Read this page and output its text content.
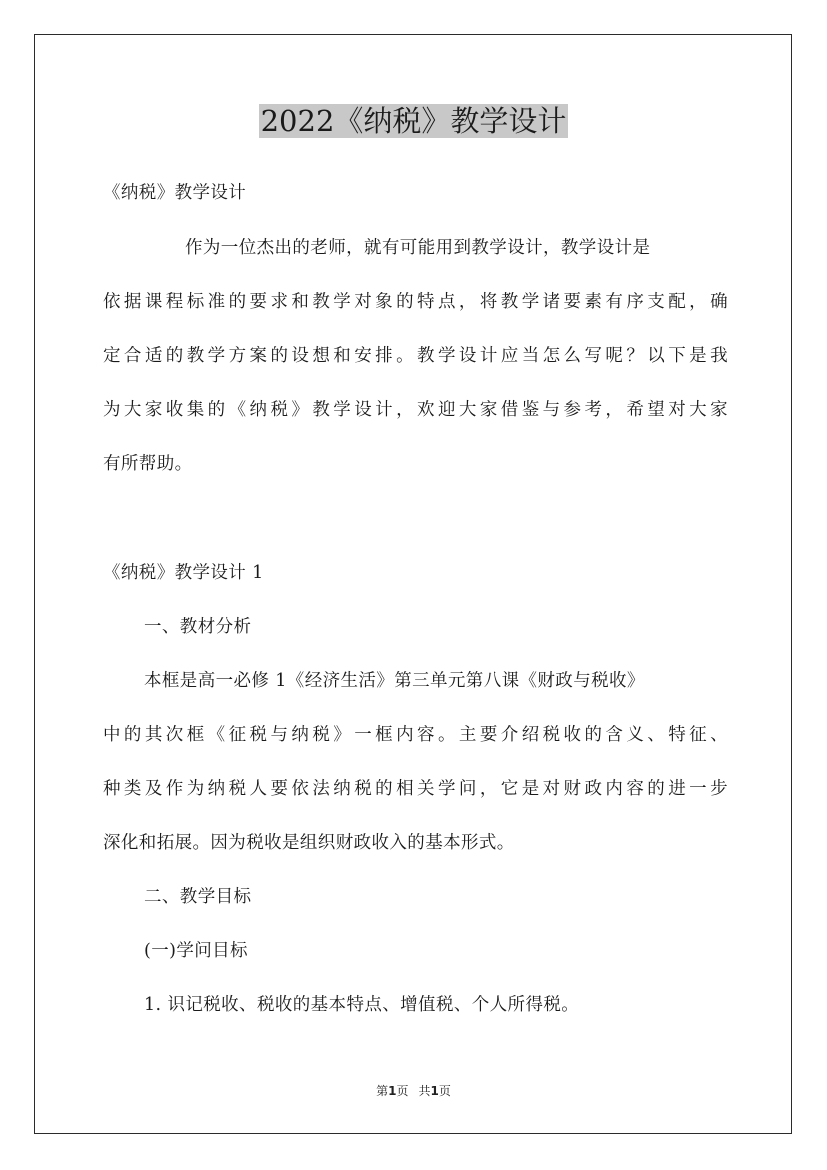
2022《纳税》教学设计
《纳税》教学设计
作为一位杰出的老师，就有可能用到教学设计，教学设计是
依据课程标准的要求和教学对象的特点，将教学诸要素有序支配，确
定合适的教学方案的设想和安排。教学设计应当怎么写呢？以下是我
为大家收集的《纳税》教学设计，欢迎大家借鉴与参考，希望对大家
有所帮助。
《纳税》教学设计 1
一、教材分析
本框是高一必修 1《经济生活》第三单元第八课《财政与税收》
中的其次框《征税与纳税》一框内容。主要介绍税收的含义、特征、
种类及作为纳税人要依法纳税的相关学问，它是对财政内容的进一步
深化和拓展。因为税收是组织财政收入的基本形式。
二、教学目标
(一)学问目标
1. 识记税收、税收的基本特点、增值税、个人所得税。
第1页 共1页
